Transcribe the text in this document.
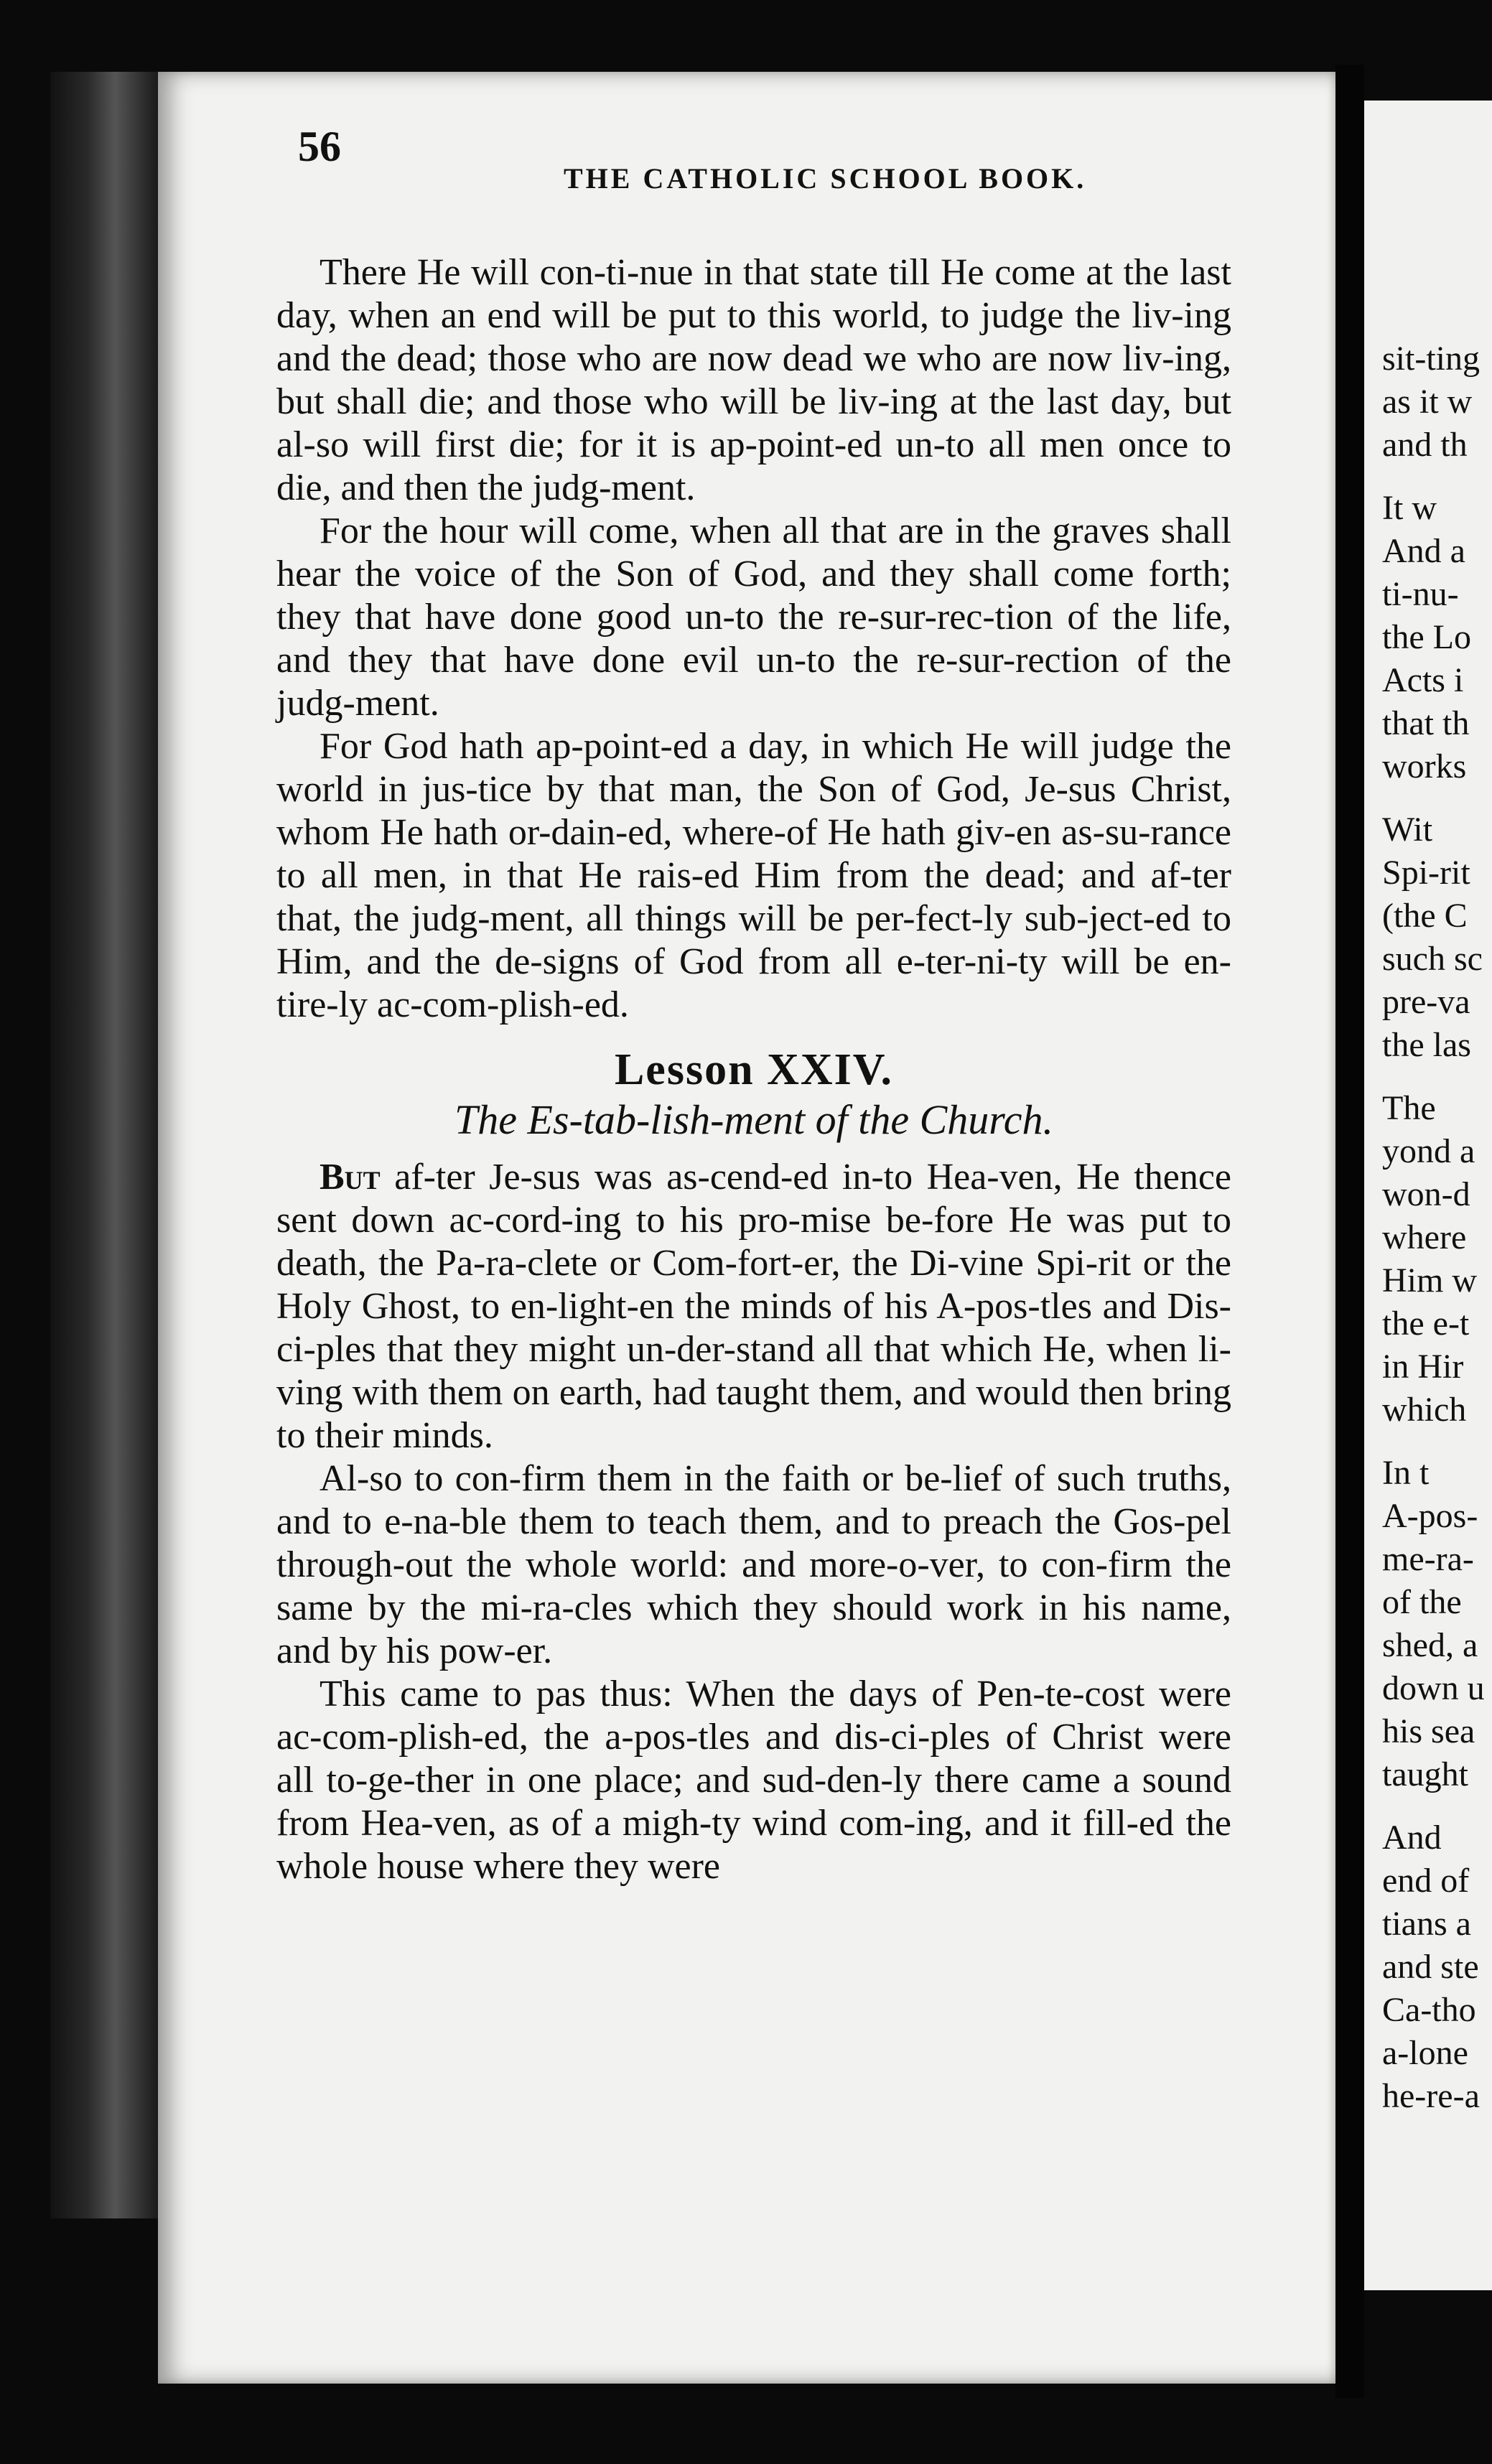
56
THE CATHOLIC SCHOOL BOOK.

There He will con-ti-nue in that state till He come at the last day, when an end will be put to this world, to judge the liv-ing and the dead; those who are now dead we who are now liv-ing, but shall die; and those who will be liv-ing at the last day, but al-so will first die; for it is ap-point-ed un-to all men once to die, and then the judg-ment.

For the hour will come, when all that are in the graves shall hear the voice of the Son of God, and they shall come forth; they that have done good un-to the re-sur-rec-tion of the life, and they that have done evil un-to the re-sur-rection of the judg-ment.

For God hath ap-point-ed a day, in which He will judge the world in jus-tice by that man, the Son of God, Je-sus Christ, whom He hath or-dain-ed, where-of He hath giv-en as-su-rance to all men, in that He rais-ed Him from the dead; and af-ter that, the judg-ment, all things will be per-fect-ly sub-ject-ed to Him, and the de-signs of God from all e-ter-ni-ty will be en-tire-ly ac-com-plish-ed.

Lesson XXIV.
The Es-tab-lish-ment of the Church.

But af-ter Je-sus was as-cend-ed in-to Hea-ven, He thence sent down ac-cord-ing to his pro-mise be-fore He was put to death, the Pa-ra-clete or Com-fort-er, the Di-vine Spi-rit or the Holy Ghost, to en-light-en the minds of his A-pos-tles and Dis-ci-ples that they might un-der-stand all that which He, when li-ving with them on earth, had taught them, and would then bring to their minds.

Al-so to con-firm them in the faith or be-lief of such truths, and to e-na-ble them to teach them, and to preach the Gos-pel through-out the whole world: and more-o-ver, to con-firm the same by the mi-ra-cles which they should work in his name, and by his pow-er.

This came to pas thus: When the days of Pen-te-cost were ac-com-plish-ed, the a-pos-tles and dis-ci-ples of Christ were all to-ge-ther in one place; and sud-den-ly there came a sound from Hea-ven, as of a migh-ty wind com-ing, and it fill-ed the whole house where they were

sit-ting
as it w
and th
It w
And a
ti-nu-
the Lo
Acts i
that th
works
Wit
Spi-rit
(the C
such sc
pre-va
the las
The
yond a
won-d
where
Him w
the e-t
in Hir
which
In t
A-pos-
me-ra-
of the
shed, a
down u
his sea
taught
And
end of
tians a
and ste
Ca-tho
a-lone
he-re-a
